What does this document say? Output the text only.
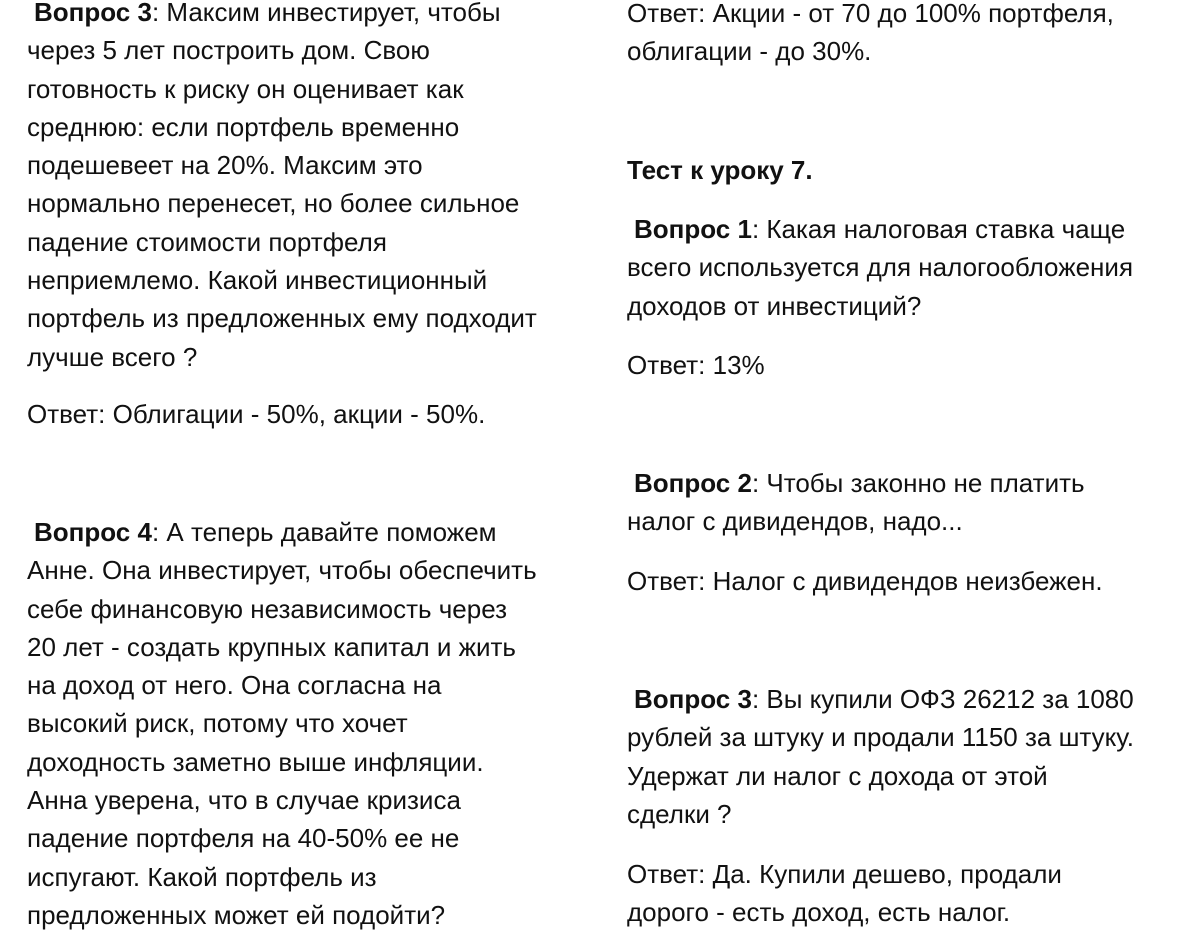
Вопрос 3: Максим инвестирует, чтобы
через 5 лет построить дом. Свою
готовность к риску он оценивает как
среднюю: если портфель временно
подешевеет на 20%. Максим это
нормально перенесет, но более сильное
падение стоимости портфеля
неприемлемо. Какой инвестиционный
портфель из предложенных ему подходит
лучше всего ?

Ответ: Облигации - 50%, акции - 50%.

Вопрос 4: А теперь давайте поможем
Анне. Она инвестирует, чтобы обеспечить
себе финансовую независимость через
20 лет - создать крупных капитал и жить
на доход от него. Она согласна на
высокий риск, потому что хочет
доходность заметно выше инфляции.
Анна уверена, что в случае кризиса
падение портфеля на 40-50% ее не
испугают. Какой портфель из
предложенных может ей подойти?

Ответ: Акции - от 70 до 100% портфеля,
облигации - до 30%.

Тест к уроку 7.

Вопрос 1: Какая налоговая ставка чаще
всего используется для налогообложения
доходов от инвестиций?

Ответ: 13%

Вопрос 2: Чтобы законно не платить
налог с дивидендов, надо...

Ответ: Налог с дивидендов неизбежен.

Вопрос 3: Вы купили ОФЗ 26212 за 1080
рублей за штуку и продали 1150 за штуку.
Удержат ли налог с дохода от этой
сделки ?

Ответ: Да. Купили дешево, продали
дорого - есть доход, есть налог.
